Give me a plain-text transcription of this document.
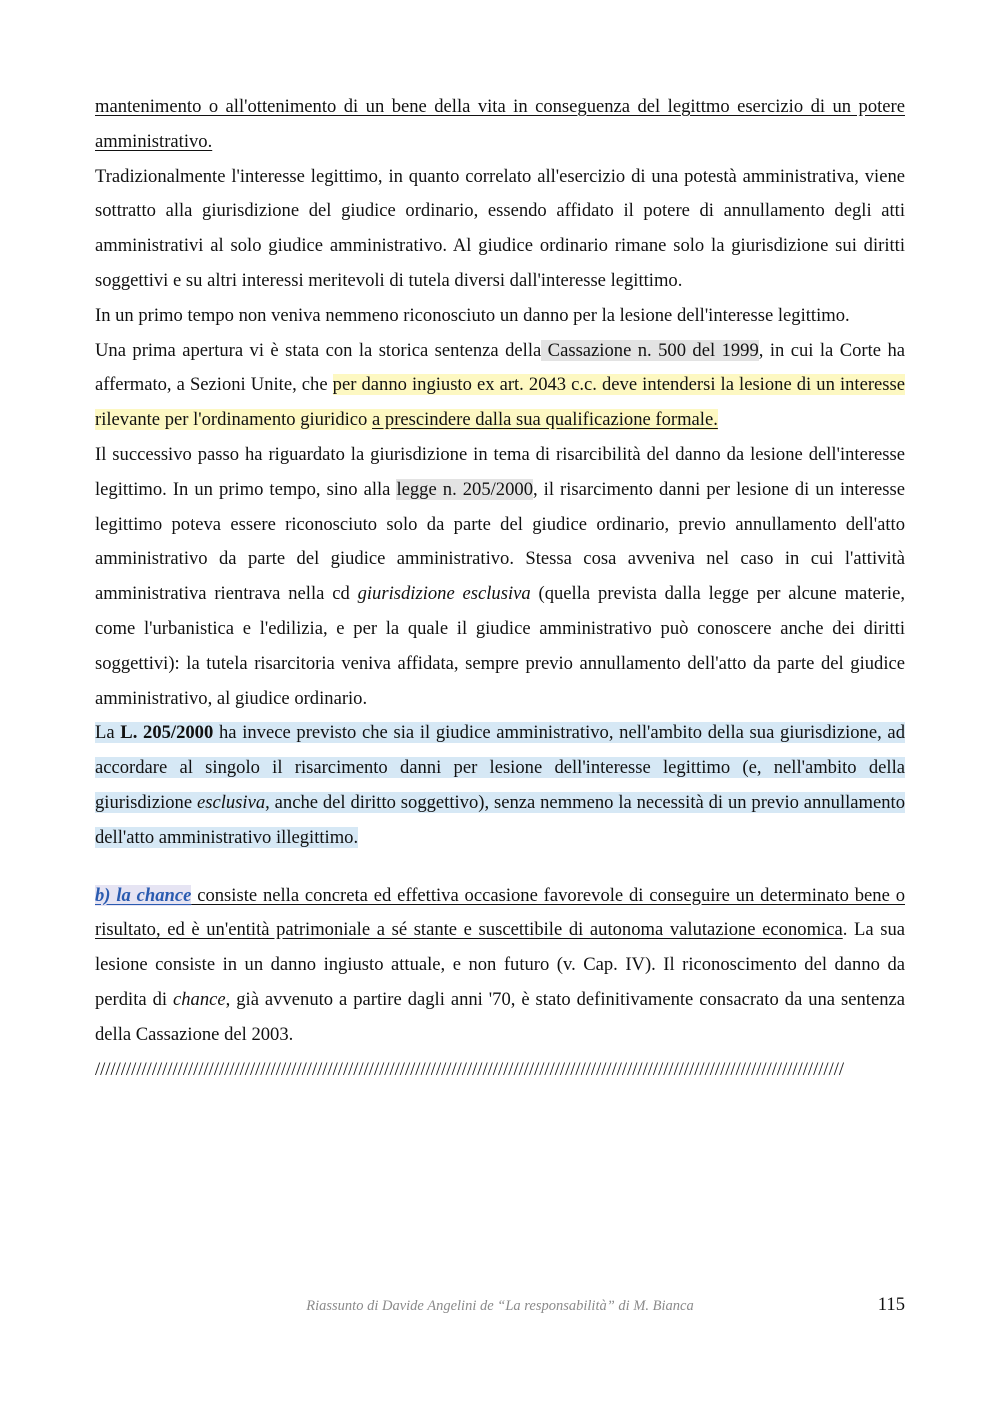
mantenimento o all'ottenimento di un bene della vita in conseguenza del legittmo esercizio di un potere amministrativo.

Tradizionalmente l'interesse legittimo, in quanto correlato all'esercizio di una potestà amministrativa, viene sottratto alla giurisdizione del giudice ordinario, essendo affidato il potere di annullamento degli atti amministrativi al solo giudice amministrativo. Al giudice ordinario rimane solo la giurisdizione sui diritti soggettivi e su altri interessi meritevoli di tutela diversi dall'interesse legittimo.

In un primo tempo non veniva nemmeno riconosciuto un danno per la lesione dell'interesse legittimo.

Una prima apertura vi è stata con la storica sentenza della Cassazione n. 500 del 1999, in cui la Corte ha affermato, a Sezioni Unite, che per danno ingiusto ex art. 2043 c.c. deve intendersi la lesione di un interesse rilevante per l'ordinamento giuridico a prescindere dalla sua qualificazione formale.

Il successivo passo ha riguardato la giurisdizione in tema di risarcibilità del danno da lesione dell'interesse legittimo. In un primo tempo, sino alla legge n. 205/2000, il risarcimento danni per lesione di un interesse legittimo poteva essere riconosciuto solo da parte del giudice ordinario, previo annullamento dell'atto amministrativo da parte del giudice amministrativo. Stessa cosa avveniva nel caso in cui l'attività amministrativa rientrava nella cd giurisdizione esclusiva (quella prevista dalla legge per alcune materie, come l'urbanistica e l'edilizia, e per la quale il giudice amministrativo può conoscere anche dei diritti soggettivi): la tutela risarcitoria veniva affidata, sempre previo annullamento dell'atto da parte del giudice amministrativo, al giudice ordinario.

La L. 205/2000 ha invece previsto che sia il giudice amministrativo, nell'ambito della sua giurisdizione, ad accordare al singolo il risarcimento danni per lesione dell'interesse legittimo (e, nell'ambito della giurisdizione esclusiva, anche del diritto soggettivo), senza nemmeno la necessità di un previo annullamento dell'atto amministrativo illegittimo.

b) la chance consiste nella concreta ed effettiva occasione favorevole di conseguire un determinato bene o risultato, ed è un'entità patrimoniale a sé stante e suscettibile di autonoma valutazione economica. La sua lesione consiste in un danno ingiusto attuale, e non futuro (v. Cap. IV). Il riconoscimento del danno da perdita di chance, già avvenuto a partire dagli anni '70, è stato definitivamente consacrato da una sentenza della Cassazione del 2003.

/////////////////////////////////////////////////////////////////////////////////////////////////////////////////////////////////////////////////

Riassunto di Davide Angelini de “La responsabilità” di M. Bianca	115
